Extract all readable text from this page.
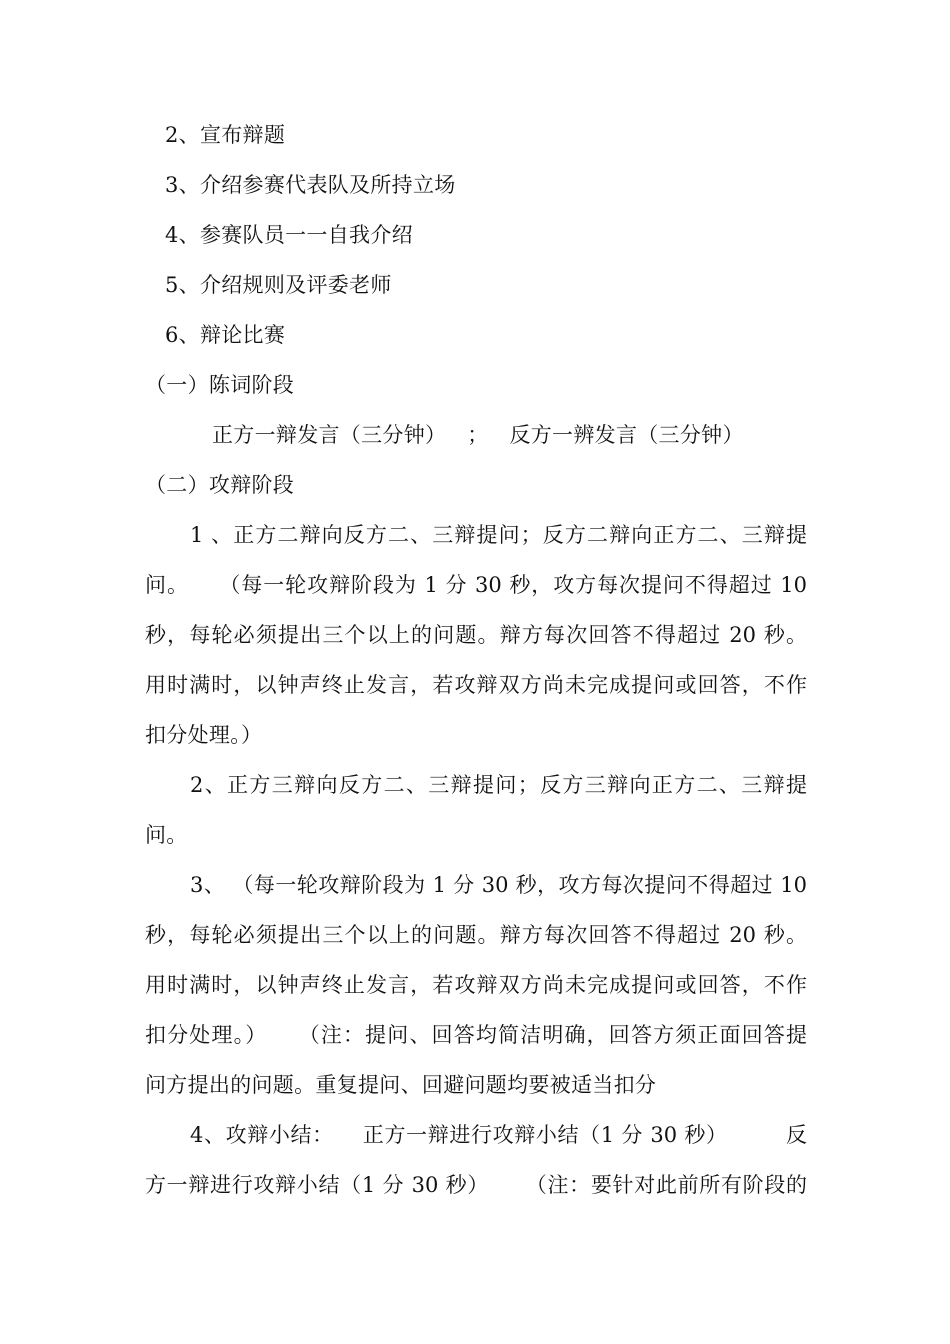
2、宣布辩题
3、介绍参赛代表队及所持立场
4、参赛队员一一自我介绍
5、介绍规则及评委老师
6、辩论比赛
（一）陈词阶段
正方一辩发言（三分钟）   ；   反方一辨发言（三分钟）
（二）攻辩阶段
1 、正方二辩向反方二、三辩提问；反方二辩向正方二、三辩提
问。    （每一轮攻辩阶段为 1 分 30 秒，攻方每次提问不得超过 10
秒，每轮必须提出三个以上的问题。辩方每次回答不得超过 20 秒。
用时满时，以钟声终止发言，若攻辩双方尚未完成提问或回答，不作
扣分处理。）
2、正方三辩向反方二、三辩提问；反方三辩向正方二、三辩提
问。
3、 （每一轮攻辩阶段为 1 分 30 秒，攻方每次提问不得超过 10
秒，每轮必须提出三个以上的问题。辩方每次回答不得超过 20 秒。
用时满时，以钟声终止发言，若攻辩双方尚未完成提问或回答，不作
扣分处理。）    （注：提问、回答均简洁明确，回答方须正面回答提
问方提出的问题。重复提问、回避问题均要被适当扣分
4、攻辩小结：    正方一辩进行攻辩小结（1 分 30 秒）        反
方一辩进行攻辩小结（1 分 30 秒）     （注：要针对此前所有阶段的
